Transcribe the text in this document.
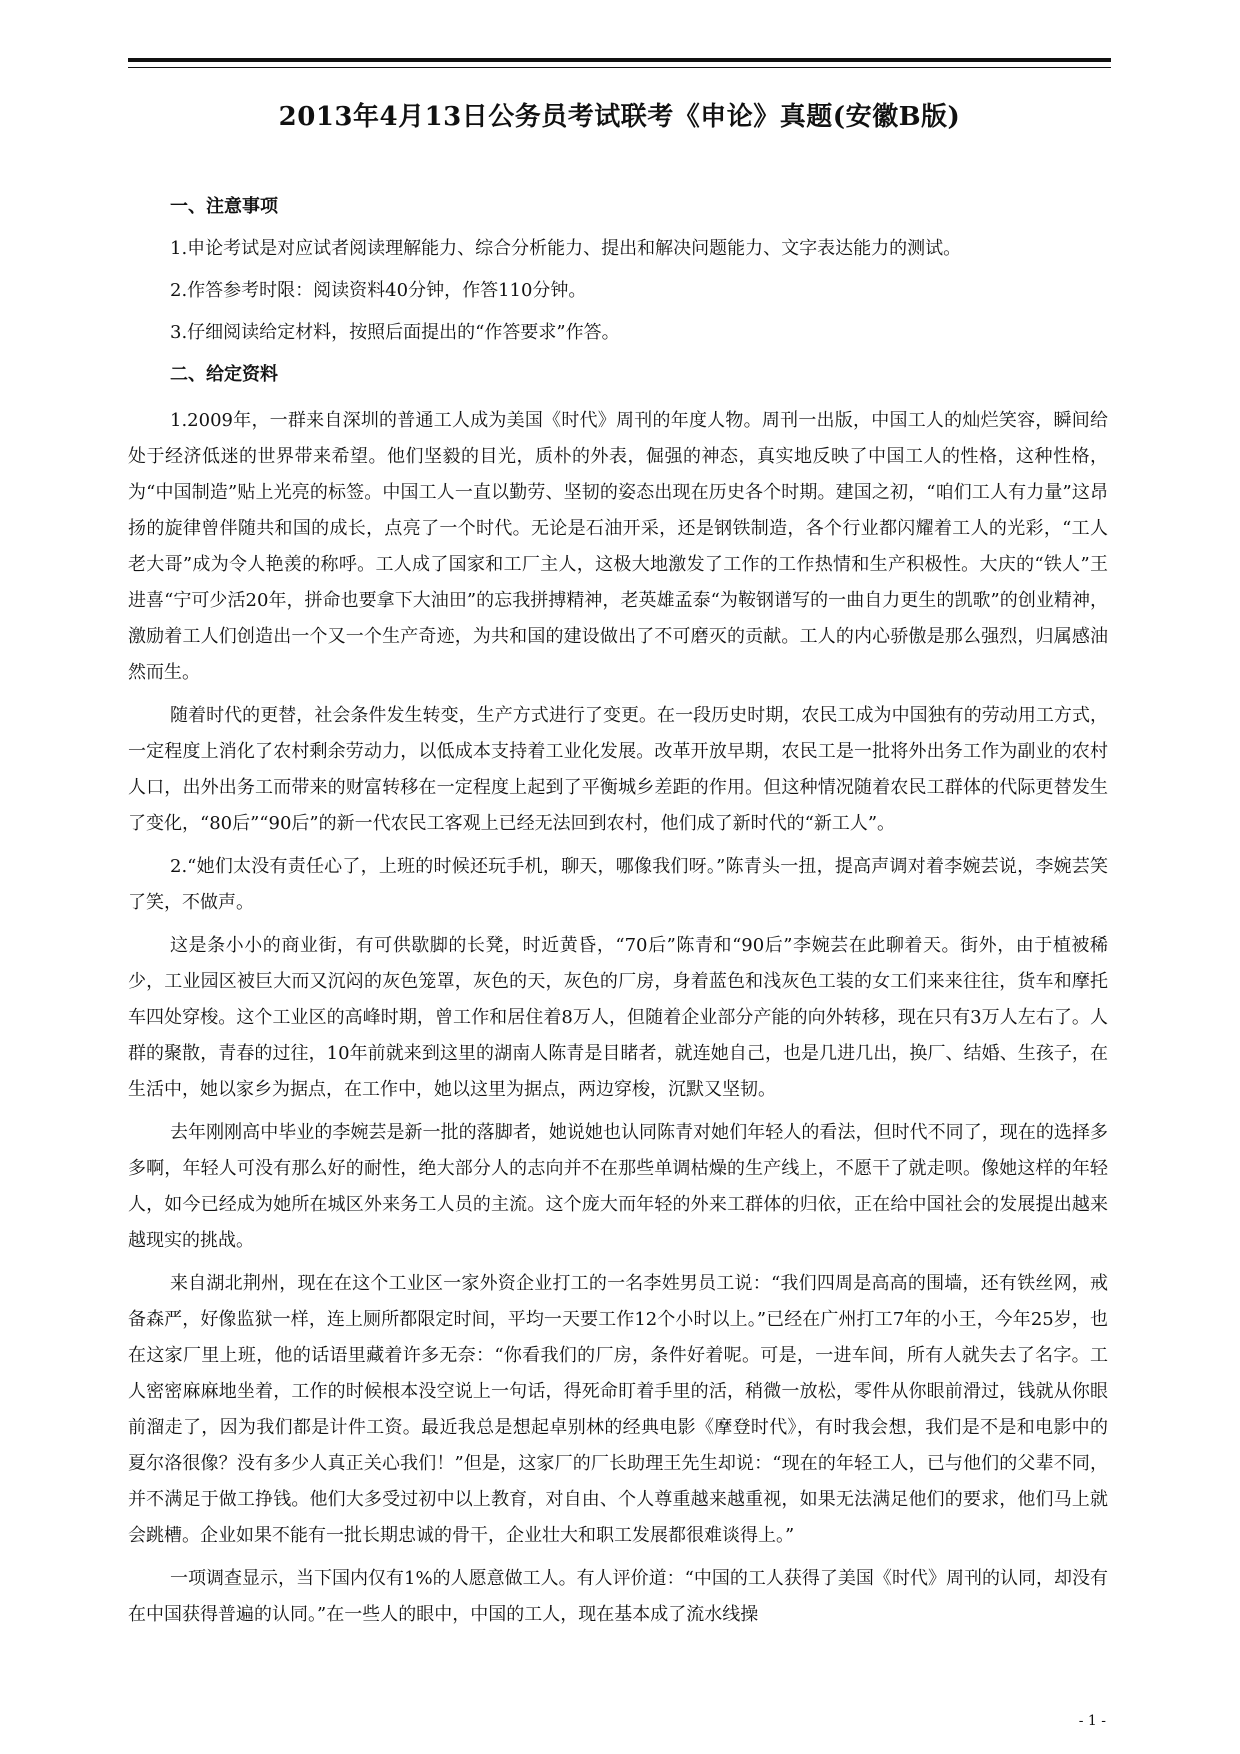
2013年4月13日公务员考试联考《申论》真题(安徽B版)
一、注意事项
1.申论考试是对应试者阅读理解能力、综合分析能力、提出和解决问题能力、文字表达能力的测试。
2.作答参考时限：阅读资料40分钟，作答110分钟。
3.仔细阅读给定材料，按照后面提出的“作答要求”作答。
二、给定资料

1.2009年，一群来自深圳的普通工人成为美国《时代》周刊的年度人物。周刊一出版，中国工人的灿烂笑容，瞬间给处于经济低迷的世界带来希望。他们坚毅的目光，质朴的外表，倔强的神态，真实地反映了中国工人的性格，这种性格，为“中国制造”贴上光亮的标签。中国工人一直以勤劳、坚韧的姿态出现在历史各个时期。建国之初，“咱们工人有力量”这昂扬的旋律曾伴随共和国的成长，点亮了一个时代。无论是石油开采，还是钢铁制造，各个行业都闪耀着工人的光彩，“工人老大哥”成为令人艳羡的称呼。工人成了国家和工厂主人，这极大地激发了工作的工作热情和生产积极性。大庆的“铁人”王进喜“宁可少活20年，拼命也要拿下大油田”的忘我拼搏精神，老英雄孟泰“为鞍钢谱写的一曲自力更生的凯歌”的创业精神，激励着工人们创造出一个又一个生产奇迹，为共和国的建设做出了不可磨灭的贡献。工人的内心骄傲是那么强烈，归属感油然而生。

随着时代的更替，社会条件发生转变，生产方式进行了变更。在一段历史时期，农民工成为中国独有的劳动用工方式，一定程度上消化了农村剩余劳动力，以低成本支持着工业化发展。改革开放早期，农民工是一批将外出务工作为副业的农村人口，出外出务工而带来的财富转移在一定程度上起到了平衡城乡差距的作用。但这种情况随着农民工群体的代际更替发生了变化，“80后”“90后”的新一代农民工客观上已经无法回到农村，他们成了新时代的“新工人”。

2.“她们太没有责任心了，上班的时候还玩手机，聊天，哪像我们呀。”陈青头一扭，提高声调对着李婉芸说，李婉芸笑了笑，不做声。

这是条小小的商业街，有可供歇脚的长凳，时近黄昏，“70后”陈青和“90后”李婉芸在此聊着天。街外，由于植被稀少，工业园区被巨大而又沉闷的灰色笼罩，灰色的天，灰色的厂房，身着蓝色和浅灰色工装的女工们来来往往，货车和摩托车四处穿梭。这个工业区的高峰时期，曾工作和居住着8万人，但随着企业部分产能的向外转移，现在只有3万人左右了。人群的聚散，青春的过往，10年前就来到这里的湖南人陈青是目睹者，就连她自己，也是几进几出，换厂、结婚、生孩子，在生活中，她以家乡为据点，在工作中，她以这里为据点，两边穿梭，沉默又坚韧。

去年刚刚高中毕业的李婉芸是新一批的落脚者，她说她也认同陈青对她们年轻人的看法，但时代不同了，现在的选择多多啊，年轻人可没有那么好的耐性，绝大部分人的志向并不在那些单调枯燥的生产线上，不愿干了就走呗。像她这样的年轻人，如今已经成为她所在城区外来务工人员的主流。这个庞大而年轻的外来工群体的归依，正在给中国社会的发展提出越来越现实的挑战。

来自湖北荆州，现在在这个工业区一家外资企业打工的一名李姓男员工说：“我们四周是高高的围墙，还有铁丝网，戒备森严，好像监狱一样，连上厕所都限定时间，平均一天要工作12个小时以上。”已经在广州打工7年的小王，今年25岁，也在这家厂里上班，他的话语里藏着许多无奈：“你看我们的厂房，条件好着呢。可是，一进车间，所有人就失去了名字。工人密密麻麻地坐着，工作的时候根本没空说上一句话，得死命盯着手里的活，稍微一放松，零件从你眼前滑过，钱就从你眼前溜走了，因为我们都是计件工资。最近我总是想起卓别林的经典电影《摩登时代》，有时我会想，我们是不是和电影中的夏尔洛很像？没有多少人真正关心我们！”但是，这家厂的厂长助理王先生却说：“现在的年轻工人，已与他们的父辈不同，并不满足于做工挣钱。他们大多受过初中以上教育，对自由、个人尊重越来越重视，如果无法满足他们的要求，他们马上就会跳槽。企业如果不能有一批长期忠诚的骨干，企业壮大和职工发展都很难谈得上。”

一项调查显示，当下国内仅有1%的人愿意做工人。有人评价道：“中国的工人获得了美国《时代》周刊的认同，却没有在中国获得普遍的认同。”在一些人的眼中，中国的工人，现在基本成了流水线操

- 1 -
